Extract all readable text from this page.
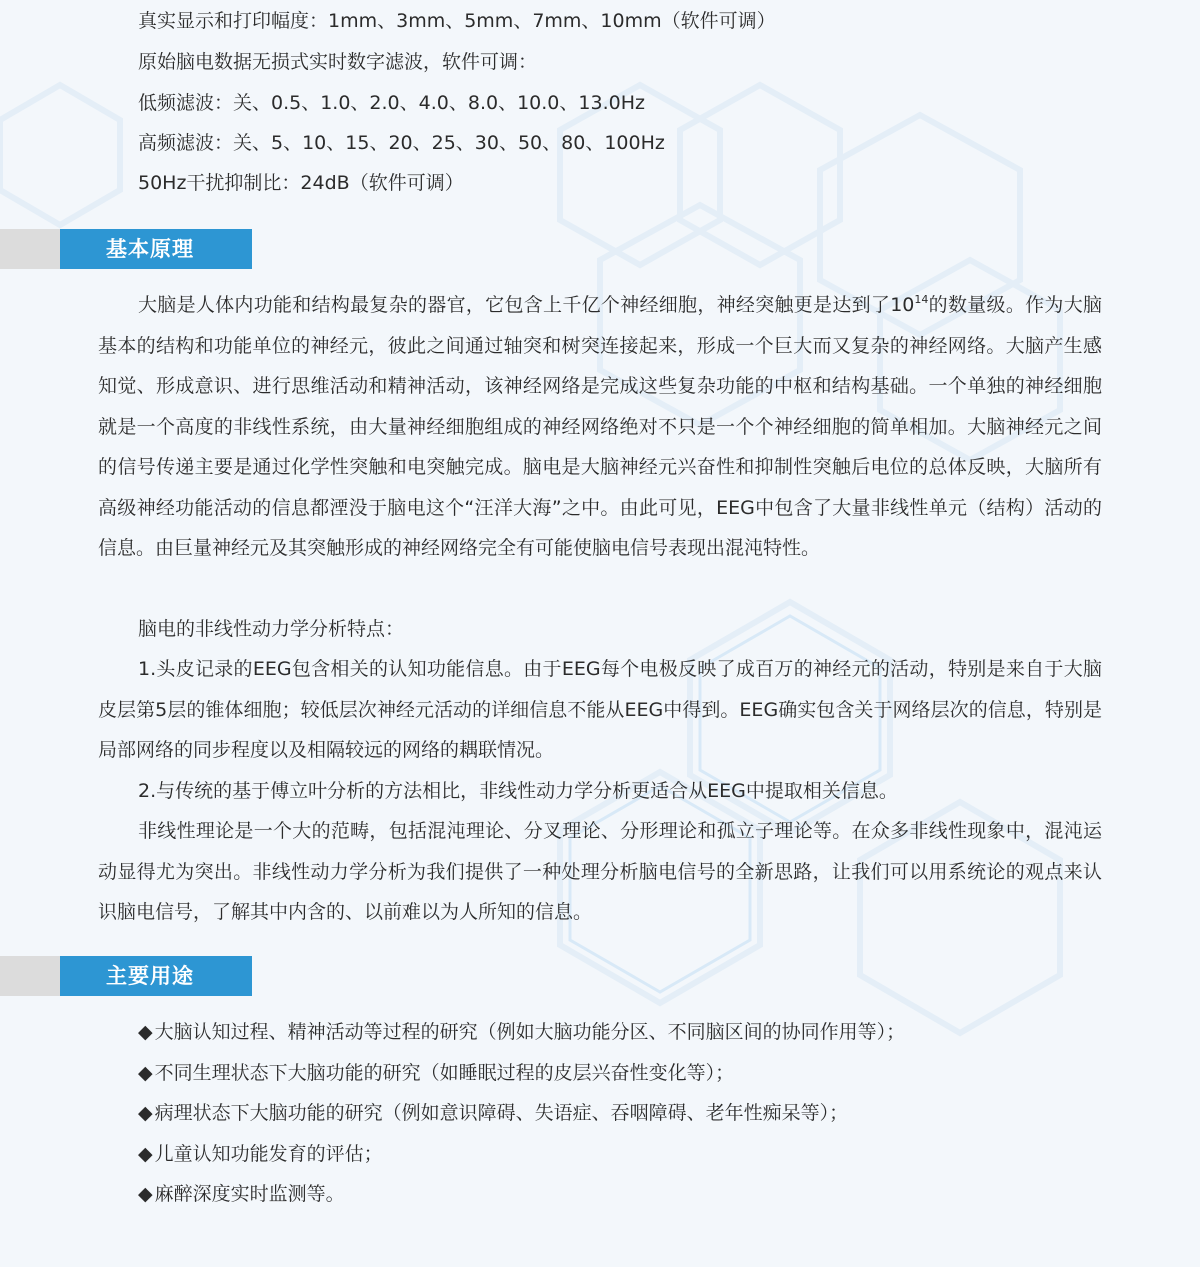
真实显示和打印幅度：1mm、3mm、5mm、7mm、10mm（软件可调）
原始脑电数据无损式实时数字滤波，软件可调：
低频滤波：关、0.5、1.0、2.0、4.0、8.0、10.0、13.0Hz
高频滤波：关、5、10、15、20、25、30、50、80、100Hz
50Hz干扰抑制比：24dB（软件可调）
基本原理

大脑是人体内功能和结构最复杂的器官，它包含上千亿个神经细胞，神经突触更是达到了$10^{14}$的数量级。作为大脑基本的结构和功能单位的神经元，彼此之间通过轴突和树突连接起来，形成一个巨大而又复杂的神经网络。大脑产生感知觉、形成意识、进行思维活动和精神活动，该神经网络是完成这些复杂功能的中枢和结构基础。一个单独的神经细胞就是一个高度的非线性系统，由大量神经细胞组成的神经网络绝对不只是一个个神经细胞的简单相加。大脑神经元之间的信号传递主要是通过化学性突触和电突触完成。脑电是大脑神经元兴奋性和抑制性突触后电位的总体反映，大脑所有高级神经功能活动的信息都湮没于脑电这个“汪洋大海”之中。由此可见，EEG中包含了大量非线性单元（结构）活动的信息。由巨量神经元及其突触形成的神经网络完全有可能使脑电信号表现出混沌特性。

脑电的非线性动力学分析特点：

1.头皮记录的EEG包含相关的认知功能信息。由于EEG每个电极反映了成百万的神经元的活动，特别是来自于大脑皮层第5层的锥体细胞；较低层次神经元活动的详细信息不能从EEG中得到。EEG确实包含关于网络层次的信息，特别是局部网络的同步程度以及相隔较远的网络的耦联情况。

2.与传统的基于傅立叶分析的方法相比，非线性动力学分析更适合从EEG中提取相关信息。

非线性理论是一个大的范畴，包括混沌理论、分叉理论、分形理论和孤立子理论等。在众多非线性现象中，混沌运动显得尤为突出。非线性动力学分析为我们提供了一种处理分析脑电信号的全新思路，让我们可以用系统论的观点来认识脑电信号，了解其中内含的、以前难以为人所知的信息。

主要用途
◆ 大脑认知过程、精神活动等过程的研究（例如大脑功能分区、不同脑区间的协同作用等）；
◆ 不同生理状态下大脑功能的研究（如睡眠过程的皮层兴奋性变化等）；
◆ 病理状态下大脑功能的研究（例如意识障碍、失语症、吞咽障碍、老年性痴呆等）；
◆ 儿童认知功能发育的评估；
◆ 麻醉深度实时监测等。
